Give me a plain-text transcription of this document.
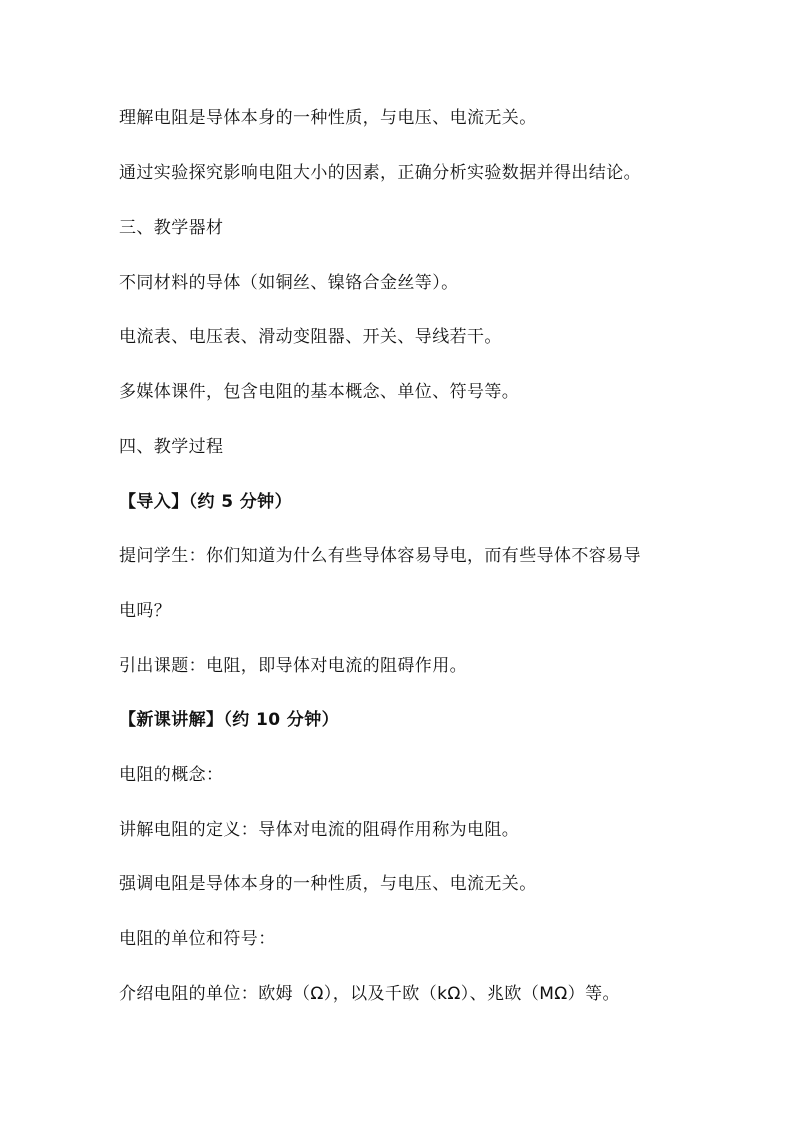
理解电阻是导体本身的一种性质，与电压、电流无关。
通过实验探究影响电阻大小的因素，正确分析实验数据并得出结论。
三、教学器材
不同材料的导体（如铜丝、镍铬合金丝等）。
电流表、电压表、滑动变阻器、开关、导线若干。
多媒体课件，包含电阻的基本概念、单位、符号等。
四、教学过程
【导入】（约 5 分钟）
提问学生：你们知道为什么有些导体容易导电，而有些导体不容易导
电吗？
引出课题：电阻，即导体对电流的阻碍作用。
【新课讲解】（约 10 分钟）
电阻的概念：
讲解电阻的定义：导体对电流的阻碍作用称为电阻。
强调电阻是导体本身的一种性质，与电压、电流无关。
电阻的单位和符号：
介绍电阻的单位：欧姆（Ω），以及千欧（kΩ）、兆欧（MΩ）等。
